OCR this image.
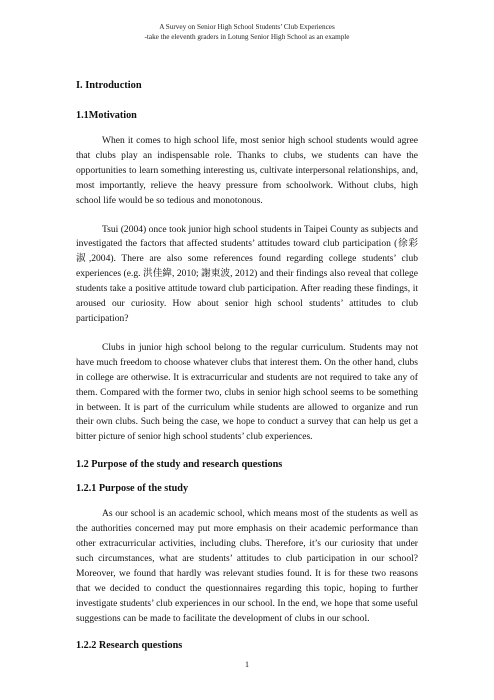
A Survey on Senior High School Students’ Club Experiences
-take the eleventh graders in Lotung Senior High School as an example
I. Introduction
1.1Motivation

When it comes to high school life, most senior high school students would agree that clubs play an indispensable role. Thanks to clubs, we students can have the opportunities to learn something interesting us, cultivate interpersonal relationships, and, most importantly, relieve the heavy pressure from schoolwork. Without clubs, high school life would be so tedious and monotonous.

Tsui (2004) once took junior high school students in Taipei County as subjects and investigated the factors that affected students’ attitudes toward club participation (徐彩淑,2004). There are also some references found regarding college students’ club experiences (e.g. 洪佳緯, 2010; 謝東波, 2012) and their findings also reveal that college students take a positive attitude toward club participation. After reading these findings, it aroused our curiosity. How about senior high school students’ attitudes to club participation?

Clubs in junior high school belong to the regular curriculum. Students may not have much freedom to choose whatever clubs that interest them. On the other hand, clubs in college are otherwise. It is extracurricular and students are not required to take any of them. Compared with the former two, clubs in senior high school seems to be something in between. It is part of the curriculum while students are allowed to organize and run their own clubs. Such being the case, we hope to conduct a survey that can help us get a bitter picture of senior high school students’ club experiences.

1.2 Purpose of the study and research questions
1.2.1 Purpose of the study

As our school is an academic school, which means most of the students as well as the authorities concerned may put more emphasis on their academic performance than other extracurricular activities, including clubs. Therefore, it’s our curiosity that under such circumstances, what are students’ attitudes to club participation in our school? Moreover, we found that hardly was relevant studies found. It is for these two reasons that we decided to conduct the questionnaires regarding this topic, hoping to further investigate students’ club experiences in our school. In the end, we hope that some useful suggestions can be made to facilitate the development of clubs in our school.

1.2.2 Research questions
1
